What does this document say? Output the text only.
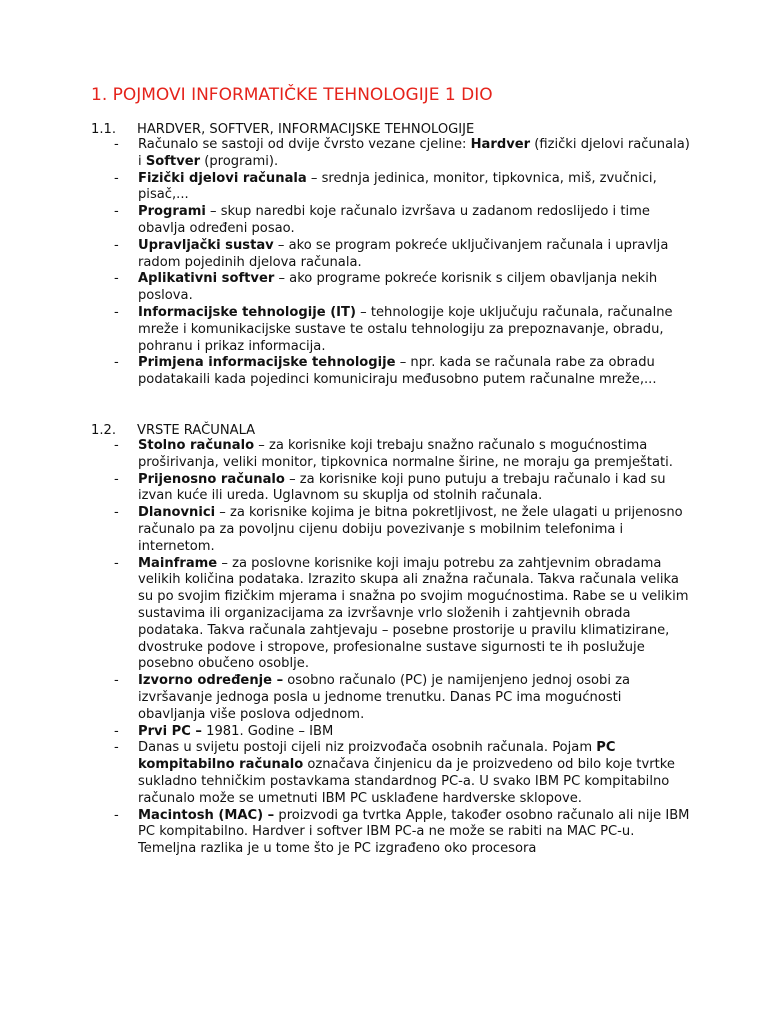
1. POJMOVI INFORMATIČKE TEHNOLOGIJE 1 DIO
1.1. HARDVER, SOFTVER, INFORMACIJSKE TEHNOLOGIJE
- Računalo se sastoji od dvije čvrsto vezane cjeline: Hardver (fizički djelovi računala) i Softver (programi).
- Fizički djelovi računala – srednja jedinica, monitor, tipkovnica, miš, zvučnici, pisač,...
- Programi – skup naredbi koje računalo izvršava u zadanom redoslijedo i time obavlja određeni posao.
- Upravljački sustav – ako se program pokreće uključivanjem računala i upravlja radom pojedinih djelova računala.
- Aplikativni softver – ako programe pokreće korisnik s ciljem obavljanja nekih poslova.
- Informacijske tehnologije (IT) – tehnologije koje uključuju računala, računalne mreže i komunikacijske sustave te ostalu tehnologiju za prepoznavanje, obradu, pohranu i prikaz informacija.
- Primjena informacijske tehnologije – npr. kada se računala rabe za obradu podatakaili kada pojedinci komuniciraju međusobno putem računalne mreže,...
1.2. VRSTE RAČUNALA
- Stolno računalo – za korisnike koji trebaju snažno računalo s mogućnostima proširivanja, veliki monitor, tipkovnica normalne širine, ne moraju ga premještati.
- Prijenosno računalo – za korisnike koji puno putuju a trebaju računalo i kad su izvan kuće ili ureda. Uglavnom su skuplja od stolnih računala.
- Dlanovnici – za korisnike kojima je bitna pokretljivost, ne žele ulagati u prijenosno računalo pa za povoljnu cijenu dobiju povezivanje s mobilnim telefonima i internetom.
- Mainframe – za poslovne korisnike koji imaju potrebu za zahtjevnim obradama velikih količina podataka. Izrazito skupa ali znažna računala. Takva računala velika su po svojim fizičkim mjerama i snažna po svojim mogućnostima. Rabe se u velikim sustavima ili organizacijama za izvršavnje vrlo složenih i zahtjevnih obrada podataka. Takva računala zahtjevaju – posebne prostorije u pravilu klimatizirane, dvostruke podove i stropove, profesionalne sustave sigurnosti te ih poslužuje posebno obučeno osoblje.
- Izvorno određenje – osobno računalo (PC) je namijenjeno jednoj osobi za izvršavanje jednoga posla u jednome trenutku. Danas PC ima mogućnosti obavljanja više poslova odjednom.
- Prvi PC – 1981. Godine – IBM
- Danas u svijetu postoji cijeli niz proizvođača osobnih računala. Pojam PC kompitabilno računalo označava činjenicu da je proizvedeno od bilo koje tvrtke sukladno tehničkim postavkama standardnog PC-a. U svako IBM PC kompitabilno računalo može se umetnuti IBM PC usklađene hardverske sklopove.
- Macintosh (MAC) – proizvodi ga tvrtka Apple, također osobno računalo ali nije IBM PC kompitabilno. Hardver i softver IBM PC-a ne može se rabiti na MAC PC-u. Temeljna razlika je u tome što je PC izgrađeno oko procesora
